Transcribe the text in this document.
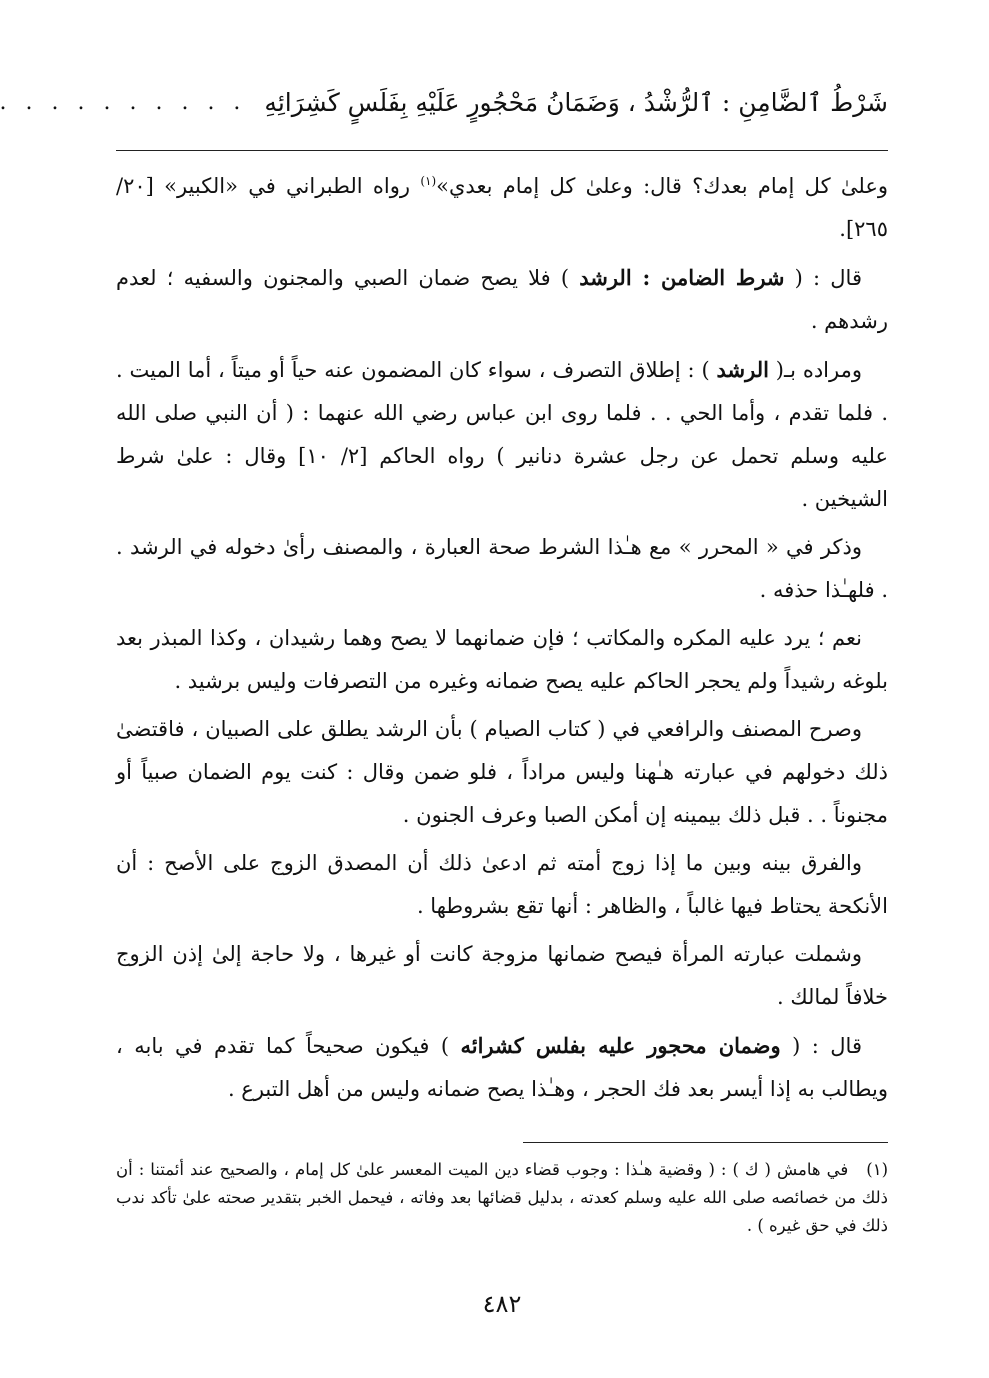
شَرْطُ ٱلضَّامِنِ : ٱلرُّشْدُ ، وَضَمَانُ مَحْجُورٍ عَلَيْهِ بِفَلَسٍ كَشِرَائِهِ
. . . . . . . . . .

وعلىٰ كل إمام بعدك؟ قال: وعلىٰ كل إمام بعدي»$^{(١)}$ رواه الطبراني في «الكبير» [٢٠/ ٢٦٥].

قال : ( شرط الضامن : الرشد ) فلا يصح ضمان الصبي والمجنون والسفيه ؛ لعدم رشدهم .

ومراده بـ( الرشد ) : إطلاق التصرف ، سواء كان المضمون عنه حياً أو ميتاً ، أما الميت . . فلما تقدم ، وأما الحي . . فلما روى ابن عباس رضي الله عنهما : ( أن النبي صلى الله عليه وسلم تحمل عن رجل عشرة دنانير ) رواه الحاكم [٢/ ١٠] وقال : علىٰ شرط الشيخين .

وذكر في « المحرر » مع هـٰذا الشرط صحة العبارة ، والمصنف رأىٰ دخوله في الرشد . . فلهـٰذا حذفه .

نعم ؛ يرد عليه المكره والمكاتب ؛ فإن ضمانهما لا يصح وهما رشيدان ، وكذا المبذر بعد بلوغه رشيداً ولم يحجر الحاكم عليه يصح ضمانه وغيره من التصرفات وليس برشيد .

وصرح المصنف والرافعي في ( كتاب الصيام ) بأن الرشد يطلق على الصبيان ، فاقتضىٰ ذلك دخولهم في عبارته هـٰهنا وليس مراداً ، فلو ضمن وقال : كنت يوم الضمان صبياً أو مجنوناً . . قبل ذلك بيمينه إن أمكن الصبا وعرف الجنون .

والفرق بينه وبين ما إذا زوج أمته ثم ادعىٰ ذلك أن المصدق الزوج على الأصح : أن الأنكحة يحتاط فيها غالباً ، والظاهر : أنها تقع بشروطها .

وشملت عبارته المرأة فيصح ضمانها مزوجة كانت أو غيرها ، ولا حاجة إلىٰ إذن الزوج خلافاً لمالك .

قال : ( وضمان محجور عليه بفلس كشرائه ) فيكون صحيحاً كما تقدم في بابه ، ويطالب به إذا أيسر بعد فك الحجر ، وهـٰذا يصح ضمانه وليس من أهل التبرع .

(١)في هامش ( ك ) : ( وقضية هـٰذا : وجوب قضاء دين الميت المعسر علىٰ كل إمام ، والصحيح عند أئمتنا : أن ذلك من خصائصه صلى الله عليه وسلم كعدته ، بدليل قضائها بعد وفاته ، فيحمل الخبر بتقدير صحته علىٰ تأكد ندب ذلك في حق غيره ) .
٤٨٢
